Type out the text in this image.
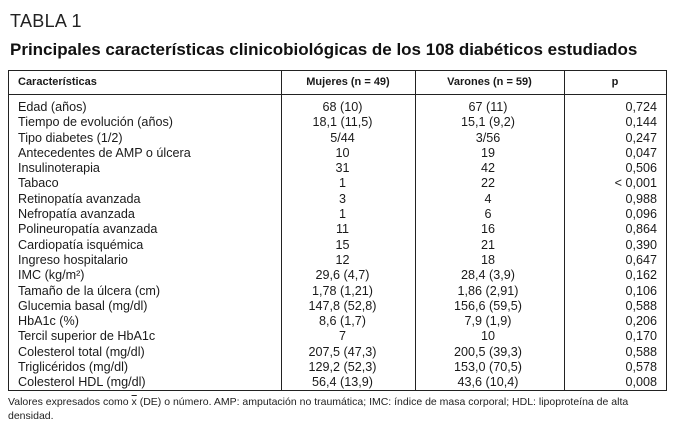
TABLA 1
Principales características clinicobiológicas de los 108 diabéticos estudiados
Características	Mujeres (n = 49)	Varones (n = 59)	p
Edad (años)	68 (10)	67 (11)	0,724
Tiempo de evolución (años)	18,1 (11,5)	15,1 (9,2)	0,144
Tipo diabetes (1/2)	5/44	3/56	0,247
Antecedentes de AMP o úlcera	10	19	0,047
Insulinoterapia	31	42	0,506
Tabaco	1	22	< 0,001
Retinopatía avanzada	3	4	0,988
Nefropatía avanzada	1	6	0,096
Polineuropatía avanzada	11	16	0,864
Cardiopatía isquémica	15	21	0,390
Ingreso hospitalario	12	18	0,647
IMC (kg/m²)	29,6 (4,7)	28,4 (3,9)	0,162
Tamaño de la úlcera (cm)	1,78 (1,21)	1,86 (2,91)	0,106
Glucemia basal (mg/dl)	147,8 (52,8)	156,6 (59,5)	0,588
HbA1c (%)	8,6 (1,7)	7,9 (1,9)	0,206
Tercil superior de HbA1c	7	10	0,170
Colesterol total (mg/dl)	207,5 (47,3)	200,5 (39,3)	0,588
Triglicéridos (mg/dl)	129,2 (52,3)	153,0 (70,5)	0,578
Colesterol HDL (mg/dl)	56,4 (13,9)	43,6 (10,4)	0,008
Valores expresados como $\overline{x}$ (DE) o número. AMP: amputación no traumática; IMC: índice de masa corporal; HDL: lipoproteína de alta densidad.
